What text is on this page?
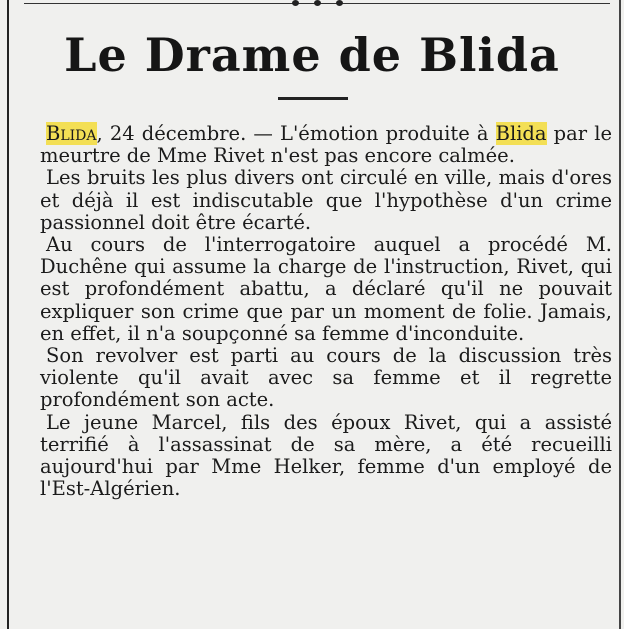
Le Drame de Blida

Blida, 24 décembre. — L'émotion produite à Blida par le meurtre de Mme Rivet n'est pas encore calmée.

Les bruits les plus divers ont circulé en ville, mais d'ores et déjà il est indiscutable que l'hypothèse d'un crime passionnel doit être écarté.

Au cours de l'interrogatoire auquel a procédé M. Duchêne qui assume la charge de l'instruction, Rivet, qui est profondément abattu, a déclaré qu'il ne pouvait expliquer son crime que par un moment de folie. Jamais, en effet, il n'a soupçonné sa femme d'inconduite.

Son revolver est parti au cours de la discussion très violente qu'il avait avec sa femme et il regrette profondément son acte.

Le jeune Marcel, fils des époux Rivet, qui a assisté terrifié à l'assassinat de sa mère, a été recueilli aujourd'hui par Mme Helker, femme d'un employé de l'Est-Algérien.
